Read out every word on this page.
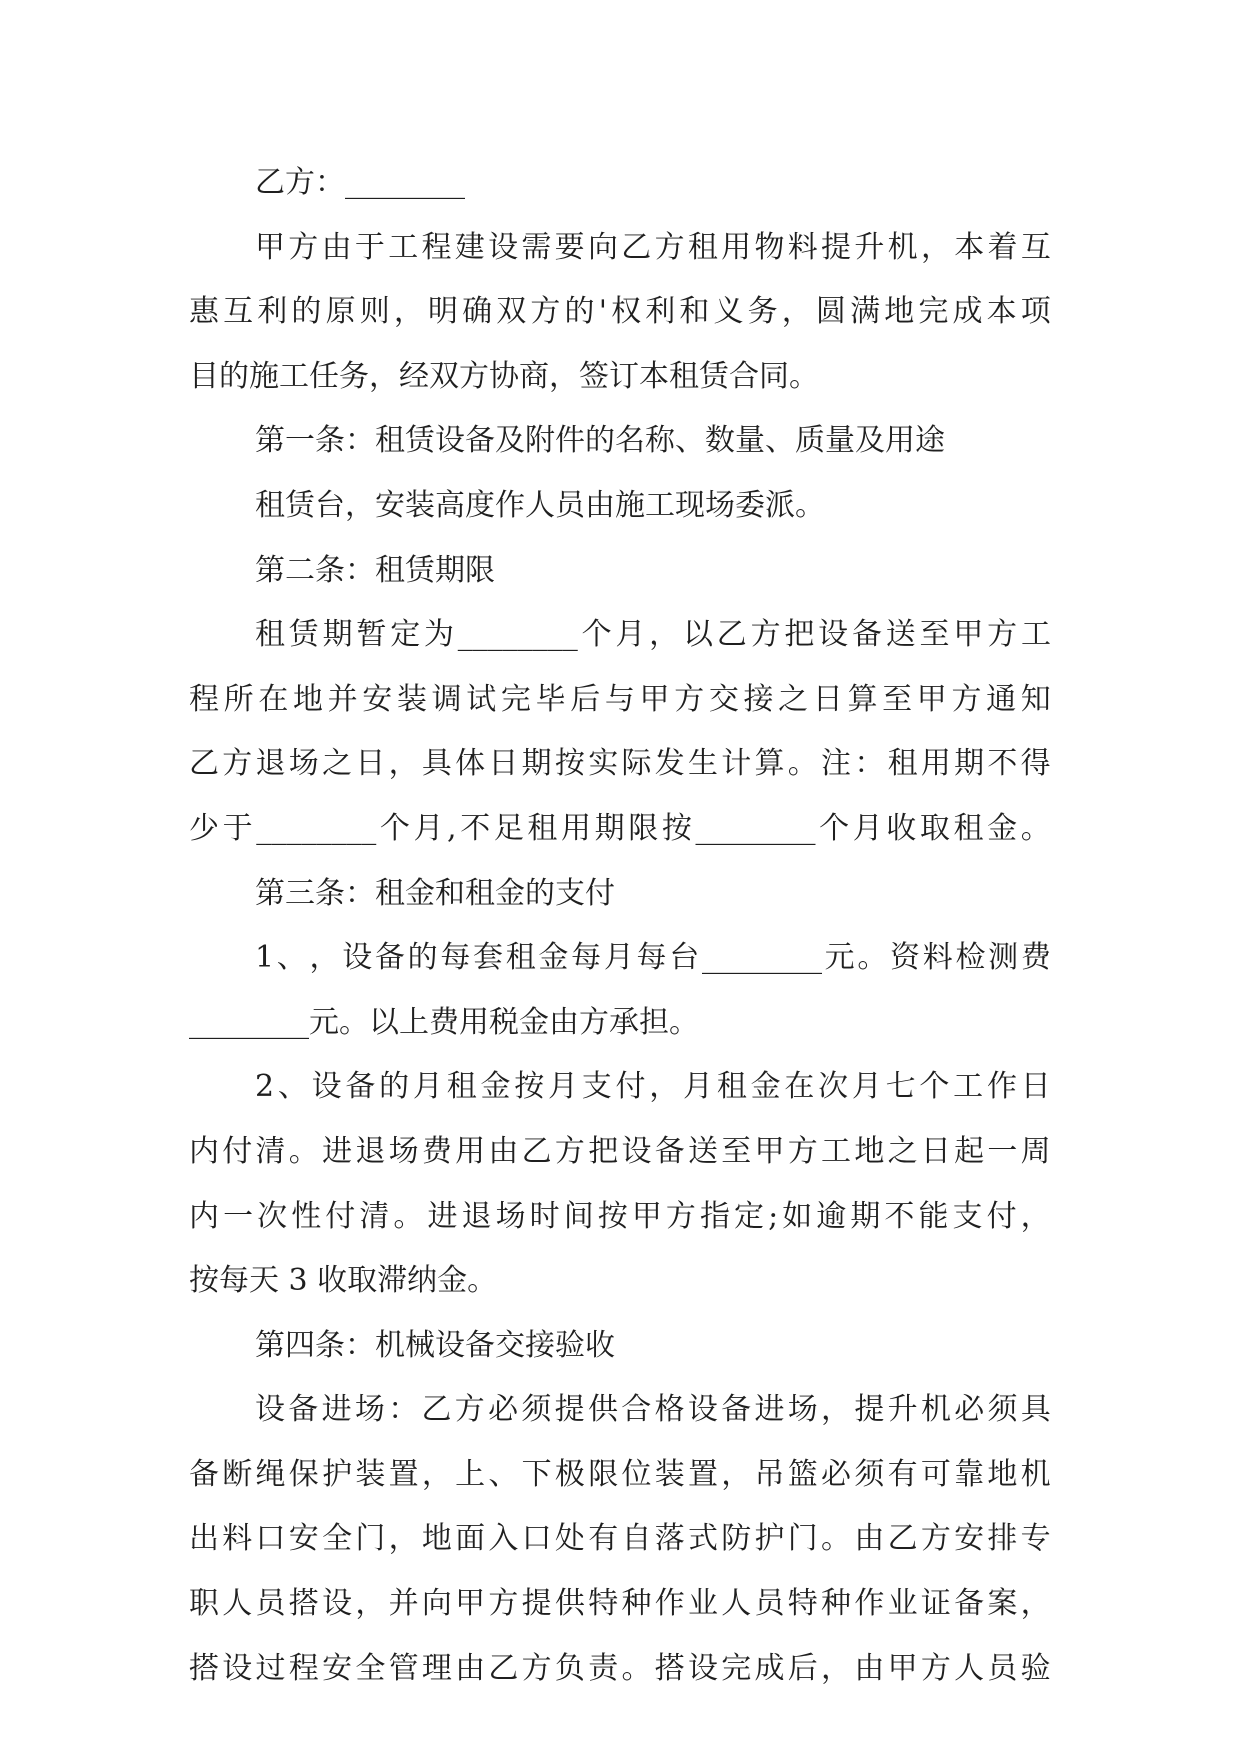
乙方：________
甲 方 由 于 工 程 建 设 需 要 向 乙 方 租 用 物 料 提 升 机 ， 本 着 互
惠 互 利 的 原 则 ， 明 确 双 方 的 ' 权 利 和 义 务 ， 圆 满 地 完 成 本 项
目的施工任务，经双方协商，签订本租赁合同。
第一条：租赁设备及附件的名称、数量、质量及用途
租赁台，安装高度作人员由施工现场委派。
第二条：租赁期限
租 赁 期 暂 定 为 ________ 个 月 ， 以 乙 方 把 设 备 送 至 甲 方 工
程 所 在 地 并 安 装 调 试 完 毕 后 与 甲 方 交 接 之 日 算 至 甲 方 通 知
乙 方 退 场 之 日 ， 具 体 日 期 按 实 际 发 生 计 算 。 注 ： 租 用 期 不 得
少 于 ________ 个 月 , 不 足 租 用 期 限 按 ________ 个 月 收 取 租 金 。
第三条：租金和租金的支付
1 、 ， 设 备 的 每 套 租 金 每 月 每 台 ________ 元 。 资 料 检 测 费
________元。以上费用税金由方承担。
2 、 设 备 的 月 租 金 按 月 支 付 ， 月 租 金 在 次 月 七 个 工 作 日
内 付 清 。 进 退 场 费 用 由 乙 方 把 设 备 送 至 甲 方 工 地 之 日 起 一 周
内 一 次 性 付 清 。 进 退 场 时 间 按 甲 方 指 定 ; 如 逾 期 不 能 支 付 ，
按每天 3 收取滞纳金。
第四条：机械设备交接验收
设 备 进 场 ： 乙 方 必 须 提 供 合 格 设 备 进 场 ， 提 升 机 必 须 具
备 断 绳 保 护 装 置 ， 上 、 下 极 限 位 装 置 ， 吊 篮 必 须 有 可 靠 地 机
出 料 口 安 全 门 ， 地 面 入 口 处 有 自 落 式 防 护 门 。 由 乙 方 安 排 专
职 人 员 搭 设 ， 并 向 甲 方 提 供 特 种 作 业 人 员 特 种 作 业 证 备 案 ，
搭 设 过 程 安 全 管 理 由 乙 方 负 责 。 搭 设 完 成 后 ， 由 甲 方 人 员 验
